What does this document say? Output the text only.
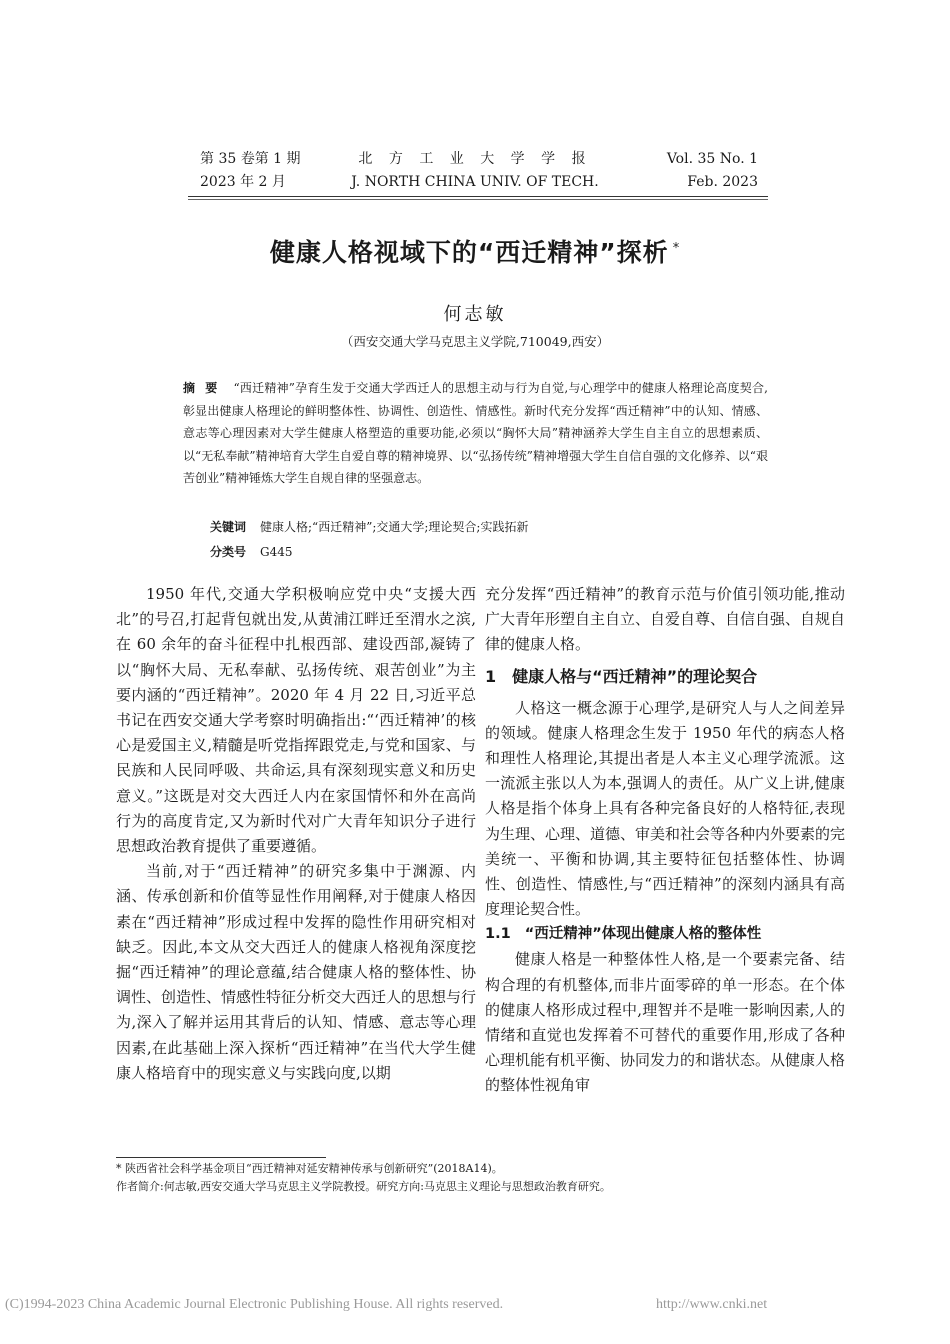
第 35 卷第 1 期
2023 年 2 月
北 方 工 业 大 学 学 报
J. NORTH CHINA UNIV. OF TECH.
Vol. 35 No. 1
Feb. 2023
健康人格视域下的“西迁精神”探析 *
何志敏
（西安交通大学马克思主义学院,710049,西安）
摘要 “西迁精神”孕育生发于交通大学西迁人的思想主动与行为自觉,与心理学中的健康人格理论高度契合,彰显出健康人格理论的鲜明整体性、协调性、创造性、情感性。新时代充分发挥“西迁精神”中的认知、情感、意志等心理因素对大学生健康人格塑造的重要功能,必须以“胸怀大局”精神涵养大学生自主自立的思想素质、以“无私奉献”精神培育大学生自爱自尊的精神境界、以“弘扬传统”精神增强大学生自信自强的文化修养、以“艰苦创业”精神锤炼大学生自规自律的坚强意志。
关键词 健康人格;“西迁精神”;交通大学;理论契合;实践拓新
分类号 G445

1950 年代,交通大学积极响应党中央“支援大西北”的号召,打起背包就出发,从黄浦江畔迁至渭水之滨,在 60 余年的奋斗征程中扎根西部、建设西部,凝铸了以“胸怀大局、无私奉献、弘扬传统、艰苦创业”为主要内涵的“西迁精神”。2020 年 4 月 22 日,习近平总书记在西安交通大学考察时明确指出:“‘西迁精神’的核心是爱国主义,精髓是听党指挥跟党走,与党和国家、与民族和人民同呼吸、共命运,具有深刻现实意义和历史意义。”这既是对交大西迁人内在家国情怀和外在高尚行为的高度肯定,又为新时代对广大青年知识分子进行思想政治教育提供了重要遵循。

当前,对于“西迁精神”的研究多集中于渊源、内涵、传承创新和价值等显性作用阐释,对于健康人格因素在“西迁精神”形成过程中发挥的隐性作用研究相对缺乏。因此,本文从交大西迁人的健康人格视角深度挖掘“西迁精神”的理论意蕴,结合健康人格的整体性、协调性、创造性、情感性特征分析交大西迁人的思想与行为,深入了解并运用其背后的认知、情感、意志等心理因素,在此基础上深入探析“西迁精神”在当代大学生健康人格培育中的现实意义与实践向度,以期

充分发挥“西迁精神”的教育示范与价值引领功能,推动广大青年形塑自主自立、自爱自尊、自信自强、自规自律的健康人格。

1 健康人格与“西迁精神”的理论契合

人格这一概念源于心理学,是研究人与人之间差异的领域。健康人格理念生发于 1950 年代的病态人格和理性人格理论,其提出者是人本主义心理学流派。这一流派主张以人为本,强调人的责任。从广义上讲,健康人格是指个体身上具有各种完备良好的人格特征,表现为生理、心理、道德、审美和社会等各种内外要素的完美统一、平衡和协调,其主要特征包括整体性、协调性、创造性、情感性,与“西迁精神”的深刻内涵具有高度理论契合性。

1.1 “西迁精神”体现出健康人格的整体性

健康人格是一种整体性人格,是一个要素完备、结构合理的有机整体,而非片面零碎的单一形态。在个体的健康人格形成过程中,理智并不是唯一影响因素,人的情绪和直觉也发挥着不可替代的重要作用,形成了各种心理机能有机平衡、协同发力的和谐状态。从健康人格的整体性视角审

* 陕西省社会科学基金项目“西迁精神对延安精神传承与创新研究”(2018A14)。
作者简介:何志敏,西安交通大学马克思主义学院教授。研究方向:马克思主义理论与思想政治教育研究。
(C)1994-2023 China Academic Journal Electronic Publishing House. All rights reserved.	http://www.cnki.net
